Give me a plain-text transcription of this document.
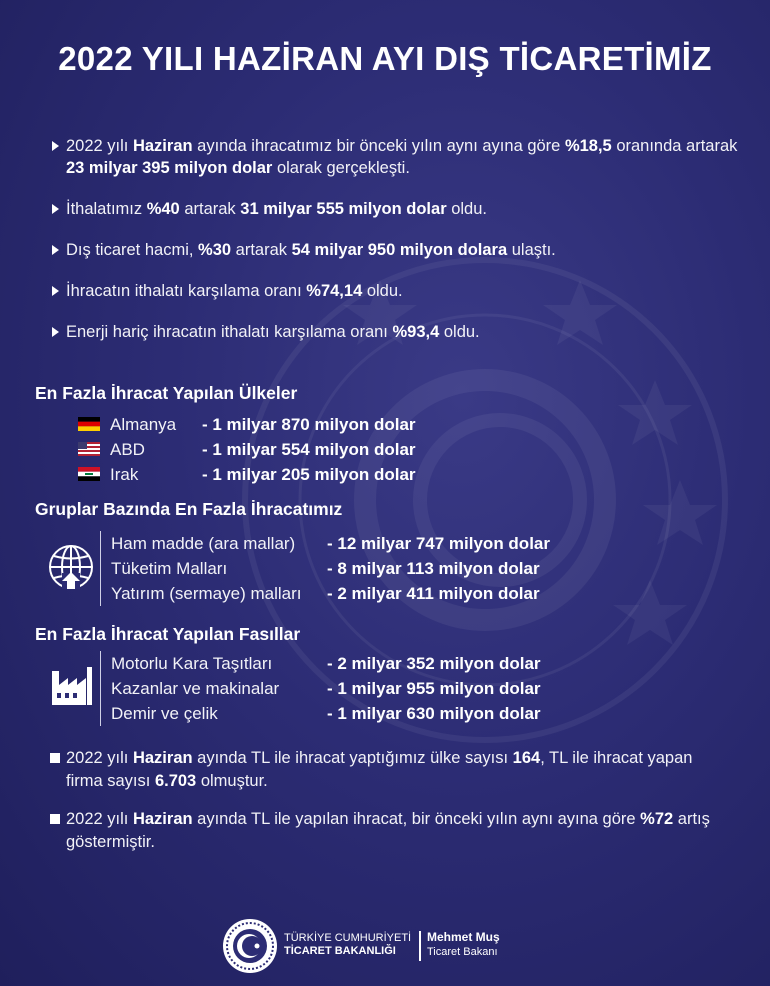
2022 YILI HAZİRAN AYI DIŞ TİCARETİMİZ
2022 yılı Haziran ayında ihracatımız bir önceki yılın aynı ayına göre %18,5 oranında artarak 23 milyar 395 milyon dolar olarak gerçekleşti.
İthalatımız %40 artarak 31 milyar 555 milyon dolar oldu.
Dış ticaret hacmi, %30 artarak 54 milyar 950 milyon dolara ulaştı.
İhracatın ithalatı karşılama oranı %74,14 oldu.
Enerji hariç ihracatın ithalatı karşılama oranı %93,4 oldu.
En Fazla İhracat Yapılan Ülkeler
Almanya - 1 milyar 870 milyon dolar
ABD	- 1 milyar 554 milyon dolar
Irak	- 1 milyar 205 milyon dolar
Gruplar Bazında En Fazla İhracatımız
Ham madde (ara mallar) - 12 milyar 747 milyon dolar
Tüketim Malları	- 8 milyar 113 milyon dolar
Yatırım (sermaye) malları - 2 milyar 411 milyon dolar
En Fazla İhracat Yapılan Fasıllar
Motorlu Kara Taşıtları	- 2 milyar 352 milyon dolar
Kazanlar ve makinalar	- 1 milyar 955 milyon dolar
Demir ve çelik	- 1 milyar 630 milyon dolar
2022 yılı Haziran ayında TL ile ihracat yaptığımız ülke sayısı 164, TL ile ihracat yapan firma sayısı 6.703 olmuştur.
2022 yılı Haziran ayında TL ile yapılan ihracat, bir önceki yılın aynı ayına göre %72 artış göstermiştir.
TÜRKİYE CUMHURİYETİ
TİCARET BAKANLIĞI
Mehmet Muş
Ticaret Bakanı
